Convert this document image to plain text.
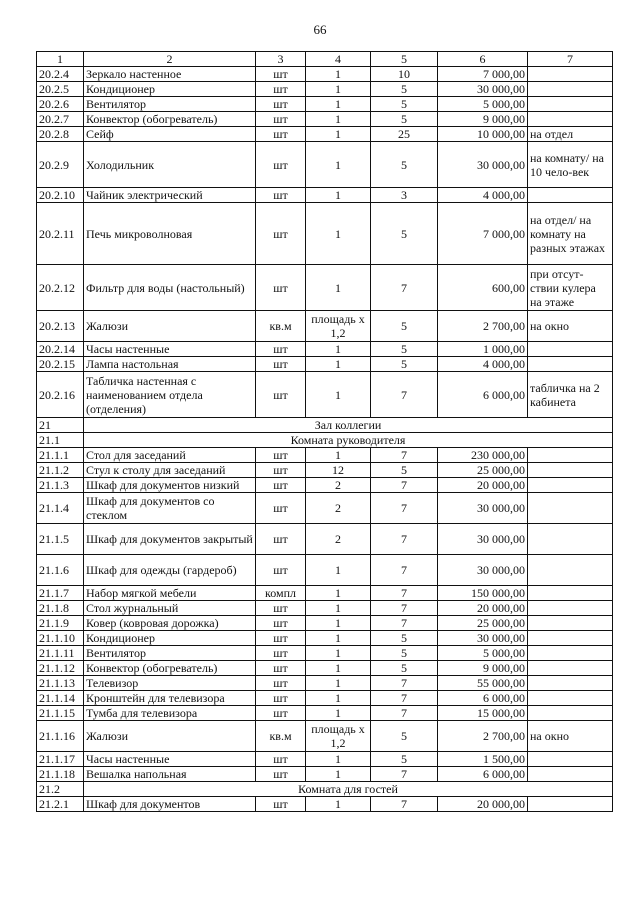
66
1	2	3	4	5	6	7
20.2.4	Зеркало настенное	шт	1	10	7 000,00	
20.2.5	Кондиционер	шт	1	5	30 000,00	
20.2.6	Вентилятор	шт	1	5	5 000,00	
20.2.7	Конвектор (обогреватель)	шт	1	5	9 000,00	
20.2.8	Сейф	шт	1	25	10 000,00	на отдел
20.2.9	Холодильник	шт	1	5	30 000,00	на комнату/ на 10 чело-век
20.2.10	Чайник электрический	шт	1	3	4 000,00	
20.2.11	Печь микроволновая	шт	1	5	7 000,00	на отдел/ на комнату на разных этажах
20.2.12	Фильтр для воды (настольный)	шт	1	7	600,00	при отсут-ствии кулера на этаже
20.2.13	Жалюзи	кв.м	площадь х 1,2	5	2 700,00	на окно
20.2.14	Часы настенные	шт	1	5	1 000,00	
20.2.15	Лампа настольная	шт	1	5	4 000,00	
20.2.16	Табличка настенная с наименованием отдела (отделения)	шт	1	7	6 000,00	табличка на 2 кабинета
21	Зал коллегии					
21.1	Комната руководителя					
21.1.1	Стол для заседаний	шт	1	7	230 000,00	
21.1.2	Стул к столу для заседаний	шт	12	5	25 000,00	
21.1.3	Шкаф для документов низкий	шт	2	7	20 000,00	
21.1.4	Шкаф для документов со стеклом	шт	2	7	30 000,00	
21.1.5	Шкаф для документов закрытый	шт	2	7	30 000,00	
21.1.6	Шкаф для одежды (гардероб)	шт	1	7	30 000,00	
21.1.7	Набор мягкой мебели	компл	1	7	150 000,00	
21.1.8	Стол журнальный	шт	1	7	20 000,00	
21.1.9	Ковер (ковровая дорожка)	шт	1	7	25 000,00	
21.1.10	Кондиционер	шт	1	5	30 000,00	
21.1.11	Вентилятор	шт	1	5	5 000,00	
21.1.12	Конвектор (обогреватель)	шт	1	5	9 000,00	
21.1.13	Телевизор	шт	1	7	55 000,00	
21.1.14	Кронштейн для телевизора	шт	1	7	6 000,00	
21.1.15	Тумба для телевизора	шт	1	7	15 000,00	
21.1.16	Жалюзи	кв.м	площадь х 1,2	5	2 700,00	на окно
21.1.17	Часы настенные	шт	1	5	1 500,00	
21.1.18	Вешалка напольная	шт	1	7	6 000,00	
21.2	Комната для гостей					
21.2.1	Шкаф для документов	шт	1	7	20 000,00	
